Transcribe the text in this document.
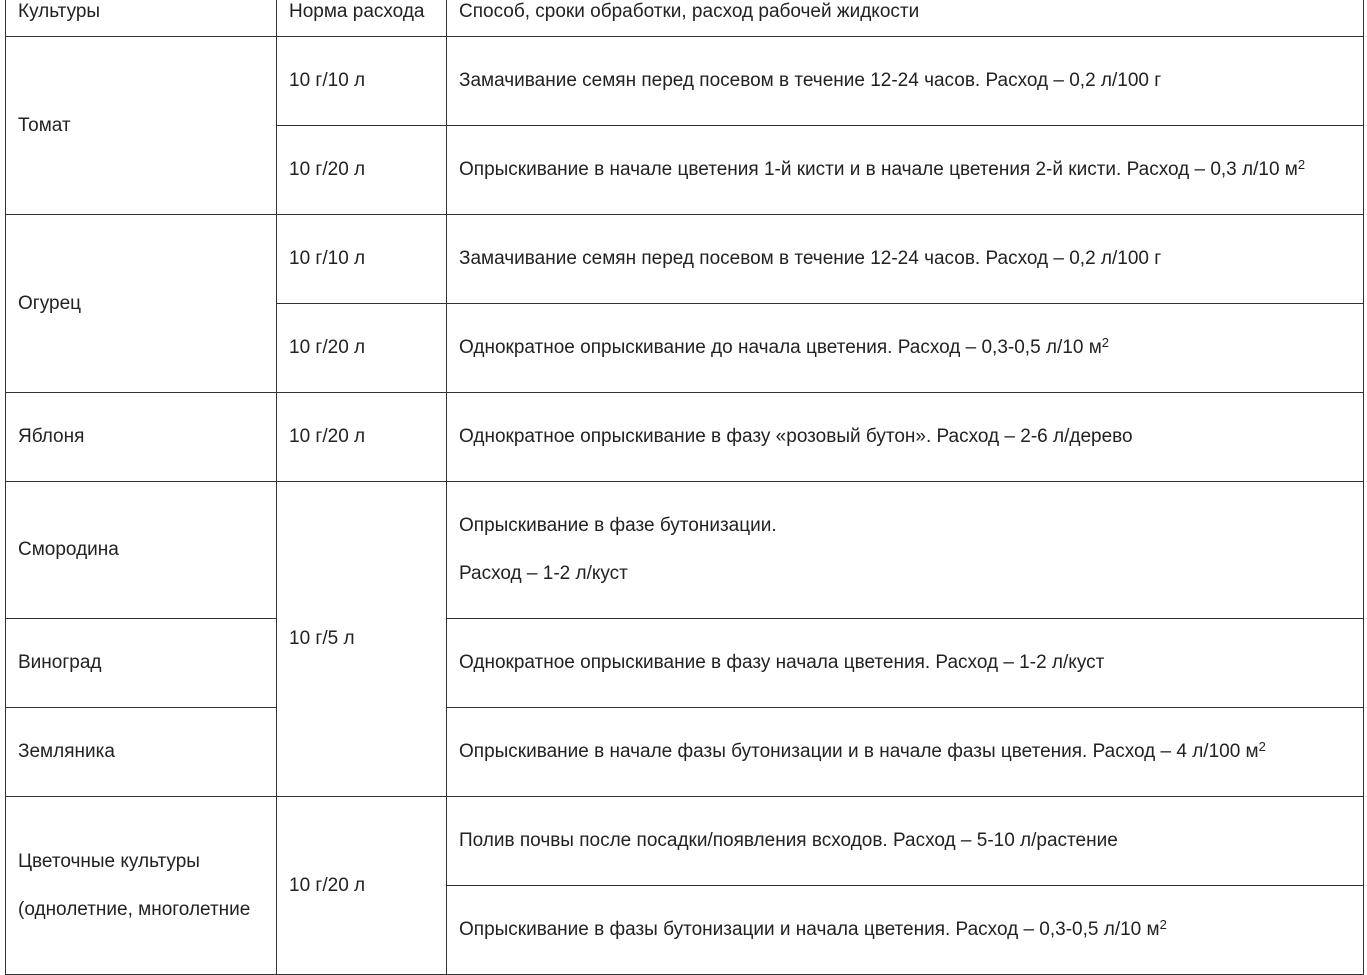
Культуры	Норма расхода	Способ, сроки обработки, расход рабочей жидкости
Томат	10 г/10 л	Замачивание семян перед посевом в течение 12-24 часов. Расход – 0,2 л/100 г
	10 г/20 л	Опрыскивание в начале цветения 1-й кисти и в начале цветения 2-й кисти. Расход – 0,3 л/10 $м^2$
Огурец	10 г/10 л	Замачивание семян перед посевом в течение 12-24 часов. Расход – 0,2 л/100 г
	10 г/20 л	Однократное опрыскивание до начала цветения. Расход – 0,3-0,5 л/10 $м^2$
Яблоня	10 г/20 л	Однократное опрыскивание в фазу «розовый бутон». Расход – 2-6 л/дерево
Смородина	10 г/5 л	Опрыскивание в фазе бутонизации.

Расход – 1-2 л/куст

Виноград		Однократное опрыскивание в фазу начала цветения. Расход – 1-2 л/куст
Земляника		Опрыскивание в начале фазы бутонизации и в начале фазы цветения. Расход – 4 л/100 $м^2$

Цветочные культуры

(однолетние, многолетние	10 г/20 л	Полив почвы после посадки/появления всходов. Расход – 5-10 л/растение
		Опрыскивание в фазы бутонизации и начала цветения. Расход – 0,3-0,5 л/10 $м^2$
